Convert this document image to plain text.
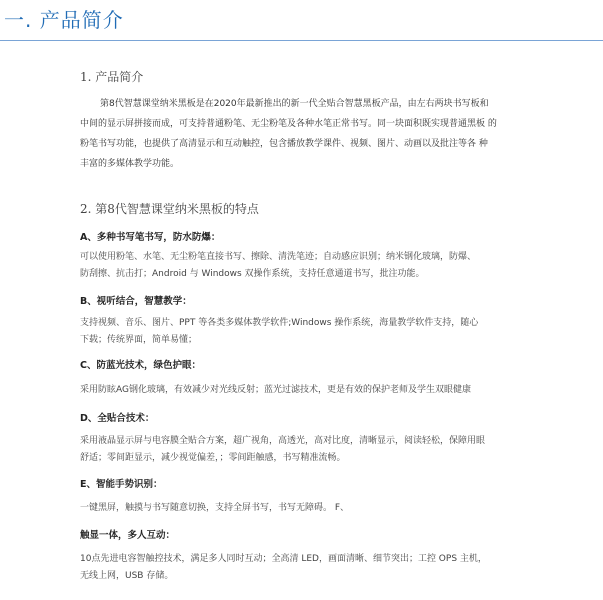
一. 产品简介
1. 产品简介
第8代智慧课堂纳米黑板是在2020年最新推出的新一代全贴合智慧黑板产品，由左右两块书写板和
中间的显示屏拼接而成，可支持普通粉笔、无尘粉笔及各种水笔正常书写。同一块面积既实现普通黑板 的
粉笔书写功能，也提供了高清显示和互动触控，包含播放教学课件、视频、图片、动画以及批注等各 种
丰富的多媒体教学功能。
2. 第8代智慧课堂纳米黑板的特点
A、多种书写笔书写，防水防爆：
可以使用粉笔、水笔、无尘粉笔直接书写、擦除、清洗笔迹；自动感应识别；纳米钢化玻璃，防爆、
防刮擦、抗击打；Android 与 Windows 双操作系统，支持任意通道书写，批注功能。
B、视听结合，智慧教学：
支持视频、音乐、图片、PPT 等各类多媒体教学软件;Windows 操作系统，海量教学软件支持，随心
下载；传统界面，简单易懂；
C、防蓝光技术，绿色护眼：
采用防眩AG钢化玻璃，有效减少对光线反射；蓝光过滤技术，更是有效的保护老师及学生双眼健康
D、全贴合技术：
采用液晶显示屏与电容膜全贴合方案，超广视角，高透光，高对比度，清晰显示，阅读轻松，保障用眼
舒适；零间距显示，减少视觉偏差，；零间距触感，书写精准流畅。
E、智能手势识别：
一键黑屏，触摸与书写随意切换，支持全屏书写，书写无障碍。 F、
触显一体，多人互动：
10点先进电容智触控技术，满足多人同时互动；全高清 LED，画面清晰、细节突出；工控 OPS 主机，
无线上网，USB 存储。
